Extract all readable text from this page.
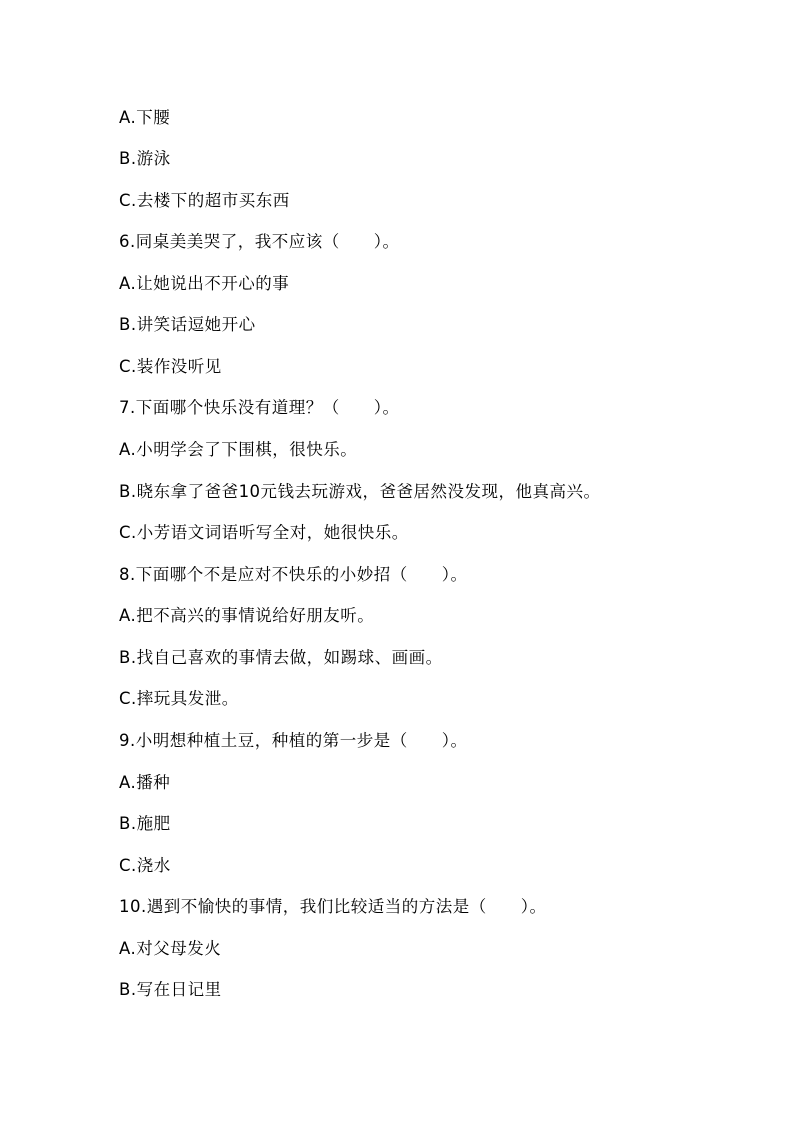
A.下腰
B.游泳
C.去楼下的超市买东西
6.同桌美美哭了，我不应该（　　）。
A.让她说出不开心的事
B.讲笑话逗她开心
C.装作没听见
7.下面哪个快乐没有道理？（　　）。
A.小明学会了下围棋，很快乐。
B.晓东拿了爸爸10元钱去玩游戏，爸爸居然没发现，他真高兴。
C.小芳语文词语听写全对，她很快乐。
8.下面哪个不是应对不快乐的小妙招（　　）。
A.把不高兴的事情说给好朋友听。
B.找自己喜欢的事情去做，如踢球、画画。
C.摔玩具发泄。
9.小明想种植土豆，种植的第一步是（　　）。
A.播种
B.施肥
C.浇水
10.遇到不愉快的事情，我们比较适当的方法是（　　）。
A.对父母发火
B.写在日记里
